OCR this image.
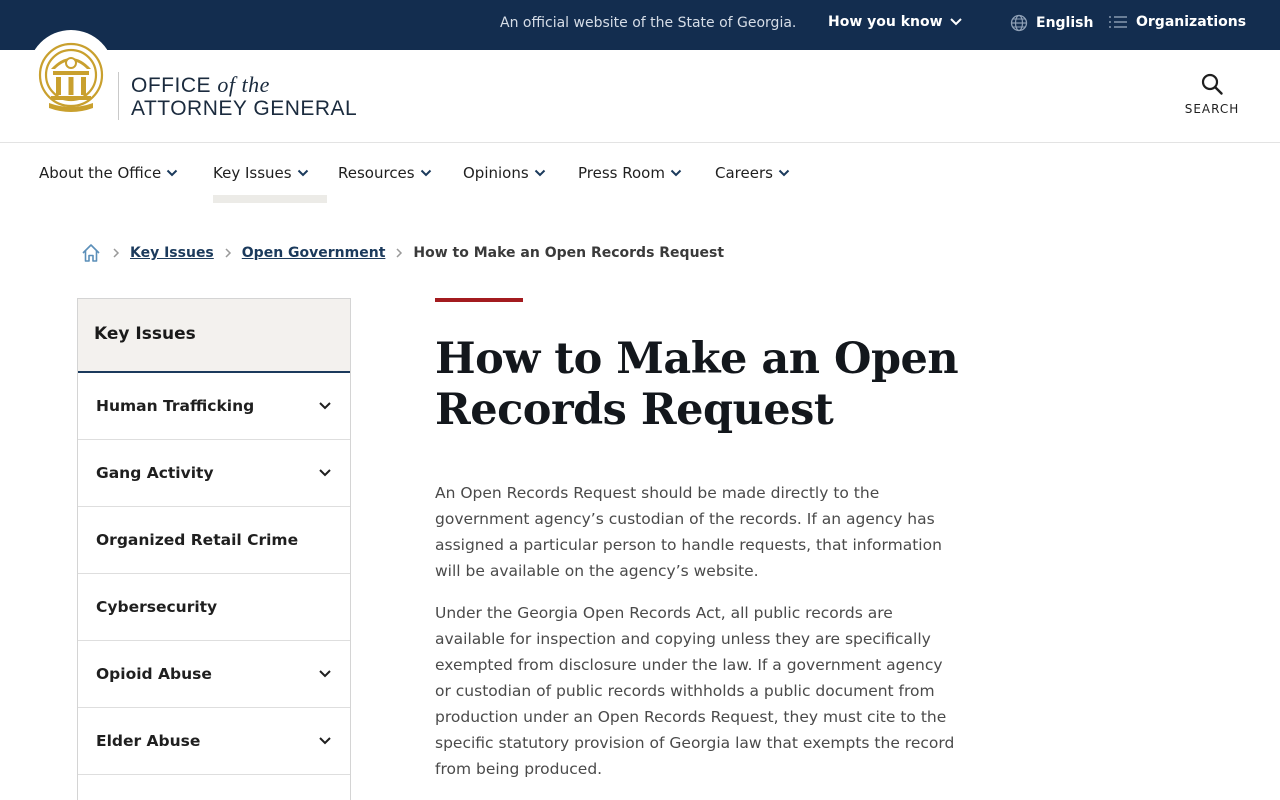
An official website of the State of Georgia. How you know	English	Organizations
OFFICE of the
ATTORNEY GENERAL	SEARCH
About the Office	Key Issues	Resources	Opinions	Press Room	Careers
Key Issues Open Government How to Make an Open Records Request
Key Issues
Human Trafficking
Gang Activity
Organized Retail Crime
Cybersecurity
Opioid Abuse
Elder Abuse
How to Make an Open Records Request

An Open Records Request should be made directly to the government agency’s custodian of the records. If an agency has assigned a particular person to handle requests, that information will be available on the agency’s website.

Under the Georgia Open Records Act, all public records are available for inspection and copying unless they are specifically exempted from disclosure under the law. If a government agency or custodian of public records withholds a public document from production under an Open Records Request, they must cite to the specific statutory provision of Georgia law that exempts the record from being produced.
